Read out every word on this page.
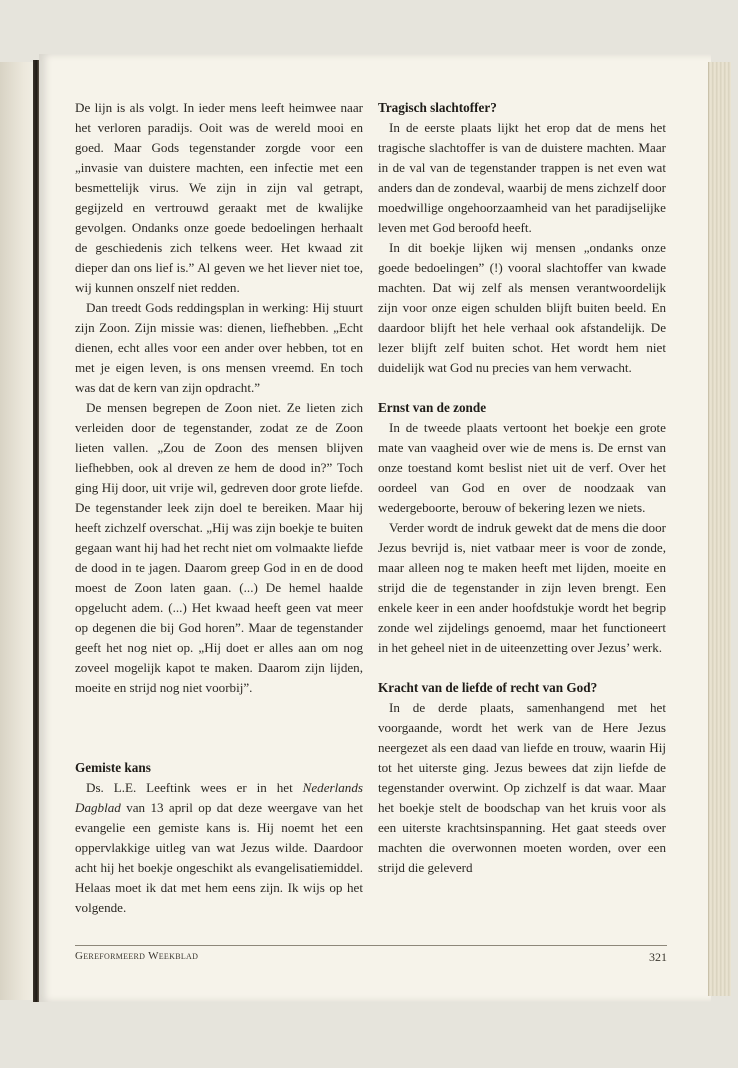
De lijn is als volgt. In ieder mens leeft heimwee naar het verloren paradijs. Ooit was de wereld mooi en goed. Maar Gods tegenstander zorgde voor een „invasie van duistere machten, een infectie met een besmettelijk virus. We zijn in zijn val getrapt, gegijzeld en vertrouwd geraakt met de kwalijke gevolgen. Ondanks onze goede bedoelingen herhaalt de geschiedenis zich telkens weer. Het kwaad zit dieper dan ons lief is.” Al geven we het liever niet toe, wij kunnen onszelf niet redden.

Dan treedt Gods reddingsplan in werking: Hij stuurt zijn Zoon. Zijn missie was: dienen, liefhebben. „Echt dienen, echt alles voor een ander over hebben, tot en met je eigen leven, is ons mensen vreemd. En toch was dat de kern van zijn opdracht.”

De mensen begrepen de Zoon niet. Ze lieten zich verleiden door de tegenstander, zodat ze de Zoon lieten vallen. „Zou de Zoon des mensen blijven liefhebben, ook al dreven ze hem de dood in?” Toch ging Hij door, uit vrije wil, gedreven door grote liefde. De tegenstander leek zijn doel te bereiken. Maar hij heeft zichzelf overschat. „Hij was zijn boekje te buiten gegaan want hij had het recht niet om volmaakte liefde de dood in te jagen. Daarom greep God in en de dood moest de Zoon laten gaan. (...) De hemel haalde opgelucht adem. (...) Het kwaad heeft geen vat meer op degenen die bij God horen”. Maar de tegenstander geeft het nog niet op. „Hij doet er alles aan om nog zoveel mogelijk kapot te maken. Daarom zijn lijden, moeite en strijd nog niet voorbij”.

Gemiste kans

Ds. L.E. Leeftink wees er in het Nederlands Dagblad van 13 april op dat deze weergave van het evangelie een gemiste kans is. Hij noemt het een oppervlakkige uitleg van wat Jezus wilde. Daardoor acht hij het boekje ongeschikt als evangelisatiemiddel. Helaas moet ik dat met hem eens zijn. Ik wijs op het volgende.

Tragisch slachtoffer?

In de eerste plaats lijkt het erop dat de mens het tragische slachtoffer is van de duistere machten. Maar in de val van de tegenstander trappen is net even wat anders dan de zondeval, waarbij de mens zichzelf door moedwillige ongehoorzaamheid van het paradijselijke leven met God beroofd heeft.

In dit boekje lijken wij mensen „ondanks onze goede bedoelingen” (!) vooral slachtoffer van kwade machten. Dat wij zelf als mensen verantwoordelijk zijn voor onze eigen schulden blijft buiten beeld. En daardoor blijft het hele verhaal ook afstandelijk. De lezer blijft zelf buiten schot. Het wordt hem niet duidelijk wat God nu precies van hem verwacht.

Ernst van de zonde

In de tweede plaats vertoont het boekje een grote mate van vaagheid over wie de mens is. De ernst van onze toestand komt beslist niet uit de verf. Over het oordeel van God en over de noodzaak van wedergeboorte, berouw of bekering lezen we niets.

Verder wordt de indruk gewekt dat de mens die door Jezus bevrijd is, niet vatbaar meer is voor de zonde, maar alleen nog te maken heeft met lijden, moeite en strijd die de tegenstander in zijn leven brengt. Een enkele keer in een ander hoofdstukje wordt het begrip zonde wel zijdelings genoemd, maar het functioneert in het geheel niet in de uiteenzetting over Jezus’ werk.

Kracht van de liefde of recht van God?

In de derde plaats, samenhangend met het voorgaande, wordt het werk van de Here Jezus neergezet als een daad van liefde en trouw, waarin Hij tot het uiterste ging. Jezus bewees dat zijn liefde de tegenstander overwint. Op zichzelf is dat waar. Maar het boekje stelt de boodschap van het kruis voor als een uiterste krachtsinspanning. Het gaat steeds over machten die overwonnen moeten worden, over een strijd die geleverd

Gereformeerd Weekblad	321
